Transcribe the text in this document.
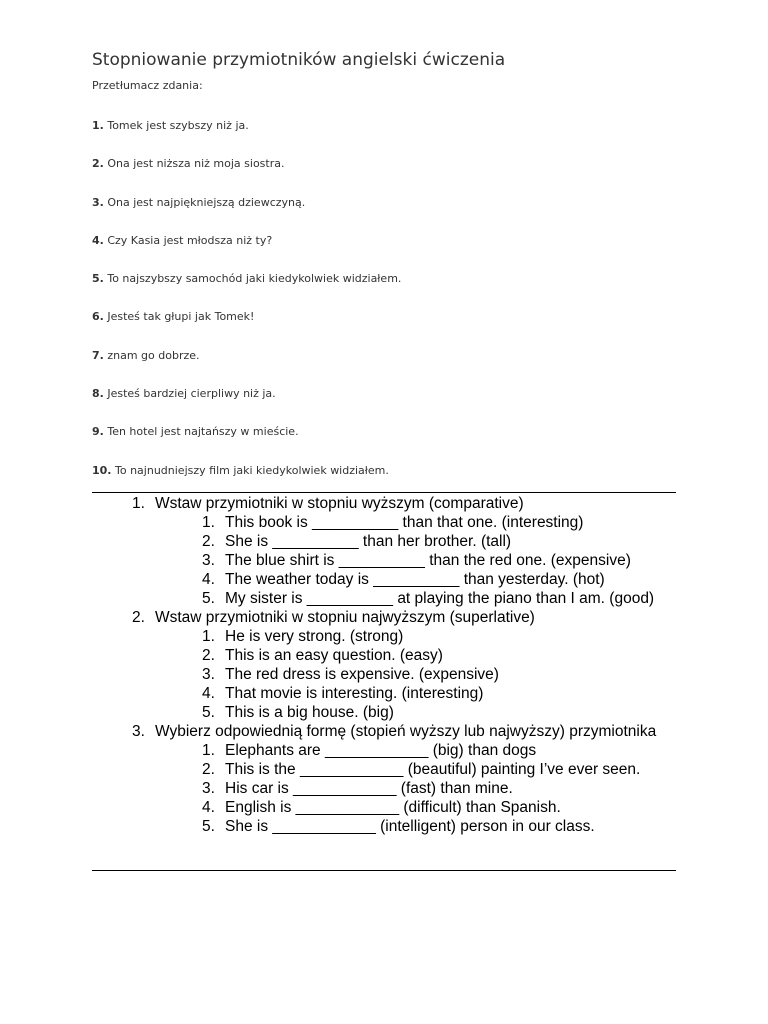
Stopniowanie przymiotników angielski ćwiczenia
Przetłumacz zdania:
1. Tomek jest szybszy niż ja.
2. Ona jest niższa niż moja siostra.
3. Ona jest najpiękniejszą dziewczyną.
4. Czy Kasia jest młodsza niż ty?
5. To najszybszy samochód jaki kiedykolwiek widziałem.
6. Jesteś tak głupi jak Tomek!
7. znam go dobrze.
8. Jesteś bardziej cierpliwy niż ja.
9. Ten hotel jest najtańszy w mieście.
10. To najnudniejszy film jaki kiedykolwiek widziałem.
1. Wstaw przymiotniki w stopniu wyższym (comparative)
1. This book is __________ than that one. (interesting)
2. She is __________ than her brother. (tall)
3. The blue shirt is __________ than the red one. (expensive)
4. The weather today is __________ than yesterday. (hot)
5. My sister is __________ at playing the piano than I am. (good)
2. Wstaw przymiotniki w stopniu najwyższym (superlative)
1. He is very strong. (strong)
2. This is an easy question. (easy)
3. The red dress is expensive. (expensive)
4. That movie is interesting. (interesting)
5. This is a big house. (big)
3. Wybierz odpowiednią formę (stopień wyższy lub najwyższy) przymiotnika
1. Elephants are ____________ (big) than dogs
2. This is the ____________ (beautiful) painting I’ve ever seen.
3. His car is ____________ (fast) than mine.
4. English is ____________ (difficult) than Spanish.
5. She is ____________ (intelligent) person in our class.
